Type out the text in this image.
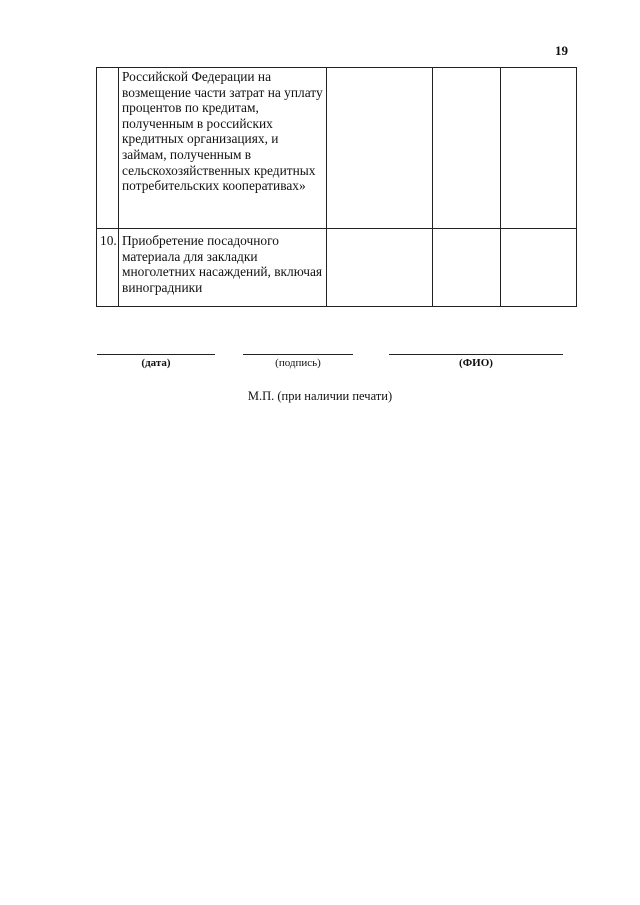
19
	Российской Федерации на возмещение части затрат на уплату процентов по кредитам, полученным в российских кредитных организациях, и займам, полученным в сельскохозяйственных кредитных потребительских кооперативах»			
10.	Приобретение посадочного материала для закладки многолетних насаждений, включая виноградники			
(дата)	(подпись)	(ФИО)
М.П. (при наличии печати)
